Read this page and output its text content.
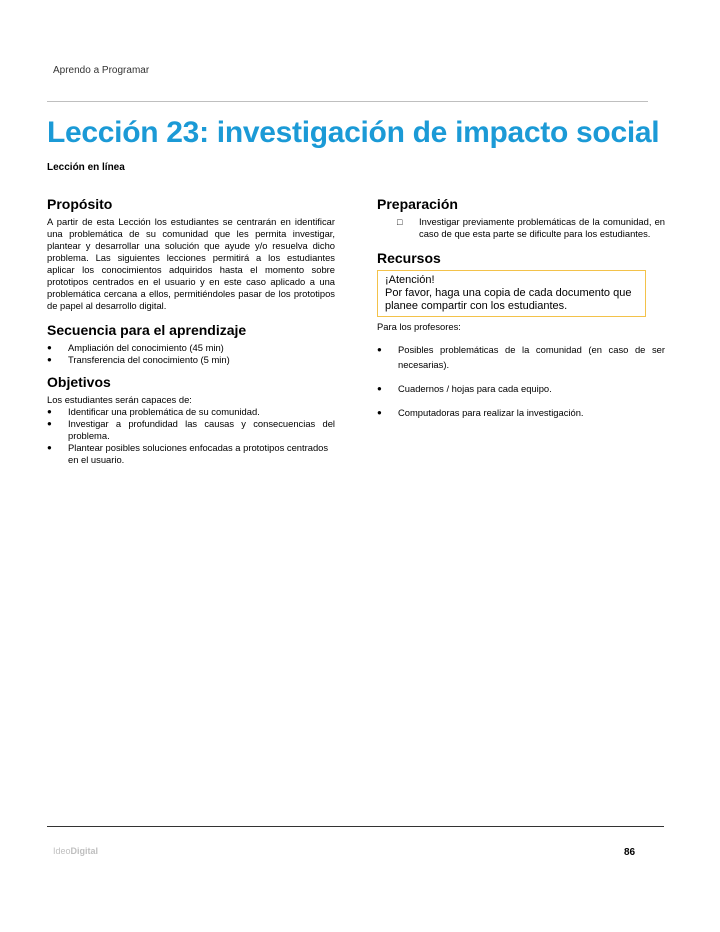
Aprendo a Programar
Lección 23: investigación de impacto social
Lección en línea
Propósito

A partir de esta Lección los estudiantes se centrarán en identificar una problemática de su comunidad que les permita investigar, plantear y desarrollar una solución que ayude y/o resuelva dicho problema. Las siguientes lecciones permitirá a los estudiantes aplicar los conocimientos adquiridos hasta el momento sobre prototipos centrados en el usuario y en este caso aplicado a una problemática cercana a ellos, permitiéndoles pasar de los prototipos de papel al desarrollo digital.

Secuencia para el aprendizaje
● Ampliación del conocimiento (45 min)
● Transferencia del conocimiento (5 min)
Objetivos

Los estudiantes serán capaces de:

● Identificar una problemática de su comunidad.
● Investigar a profundidad las causas y consecuencias del problema.
● Plantear posibles soluciones enfocadas a prototipos centrados en el usuario.
Preparación
□ Investigar previamente problemáticas de la comunidad, en caso de que esta parte se dificulte para los estudiantes.
Recursos
¡Atención!
Por favor, haga una copia de cada documento que planee compartir con los estudiantes.

Para los profesores:

● Posibles problemáticas de la comunidad (en caso de ser necesarias).
● Cuadernos / hojas para cada equipo.
● Computadoras para realizar la investigación.
IdeoDigital	86
